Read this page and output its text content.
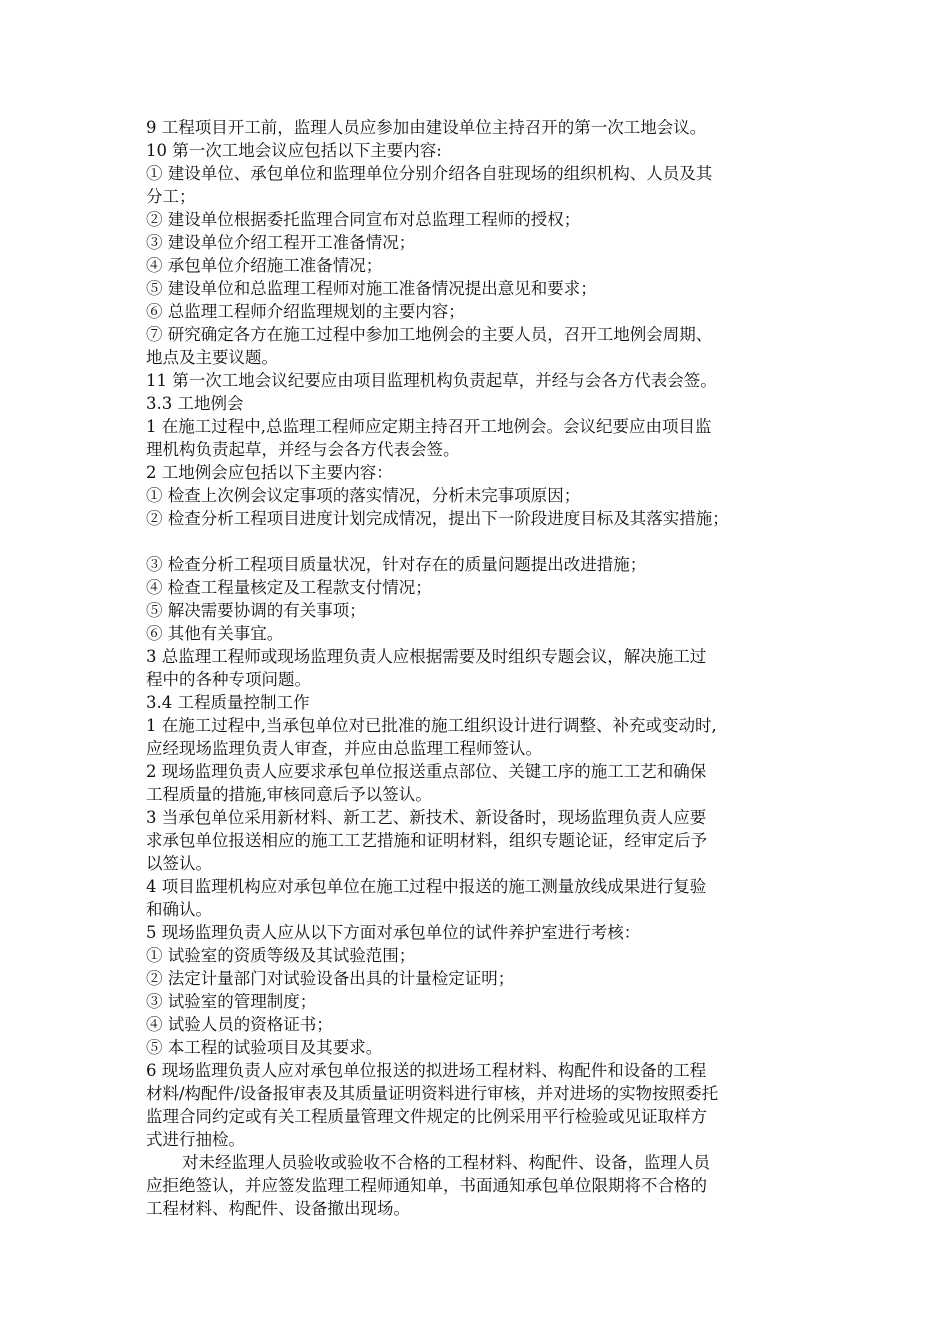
9 工程项目开工前，监理人员应参加由建设单位主持召开的第一次工地会议。
10 第一次工地会议应包括以下主要内容:
① 建设单位、承包单位和监理单位分别介绍各自驻现场的组织机构、人员及其
分工；
② 建设单位根据委托监理合同宣布对总监理工程师的授权；
③ 建设单位介绍工程开工准备情况；
④ 承包单位介绍施工准备情况；
⑤ 建设单位和总监理工程师对施工准备情况提出意见和要求；
⑥ 总监理工程师介绍监理规划的主要内容；
⑦ 研究确定各方在施工过程中参加工地例会的主要人员，召开工地例会周期、
地点及主要议题。
11 第一次工地会议纪要应由项目监理机构负责起草，并经与会各方代表会签。
3.3 工地例会
1 在施工过程中,总监理工程师应定期主持召开工地例会。会议纪要应由项目监
理机构负责起草，并经与会各方代表会签。
2 工地例会应包括以下主要内容：
① 检查上次例会议定事项的落实情况，分析未完事项原因；
② 检查分析工程项目进度计划完成情况，提出下一阶段进度目标及其落实措施；
③ 检查分析工程项目质量状况，针对存在的质量问题提出改进措施；
④ 检查工程量核定及工程款支付情况；
⑤ 解决需要协调的有关事项；
⑥ 其他有关事宜。
3 总监理工程师或现场监理负责人应根据需要及时组织专题会议，解决施工过
程中的各种专项问题。
3.4 工程质量控制工作
1 在施工过程中,当承包单位对已批准的施工组织设计进行调整、补充或变动时,
应经现场监理负责人审查，并应由总监理工程师签认。
2 现场监理负责人应要求承包单位报送重点部位、关键工序的施工工艺和确保
工程质量的措施,审核同意后予以签认。
3 当承包单位采用新材料、新工艺、新技术、新设备时，现场监理负责人应要
求承包单位报送相应的施工工艺措施和证明材料，组织专题论证，经审定后予
以签认。
4 项目监理机构应对承包单位在施工过程中报送的施工测量放线成果进行复验
和确认。
5 现场监理负责人应从以下方面对承包单位的试件养护室进行考核：
① 试验室的资质等级及其试验范围；
② 法定计量部门对试验设备出具的计量检定证明；
③ 试验室的管理制度；
④ 试验人员的资格证书；
⑤ 本工程的试验项目及其要求。
6 现场监理负责人应对承包单位报送的拟进场工程材料、构配件和设备的工程
材料/构配件/设备报审表及其质量证明资料进行审核，并对进场的实物按照委托
监理合同约定或有关工程质量管理文件规定的比例采用平行检验或见证取样方
式进行抽检。
对未经监理人员验收或验收不合格的工程材料、构配件、设备，监理人员
应拒绝签认，并应签发监理工程师通知单，书面通知承包单位限期将不合格的
工程材料、构配件、设备撤出现场。
